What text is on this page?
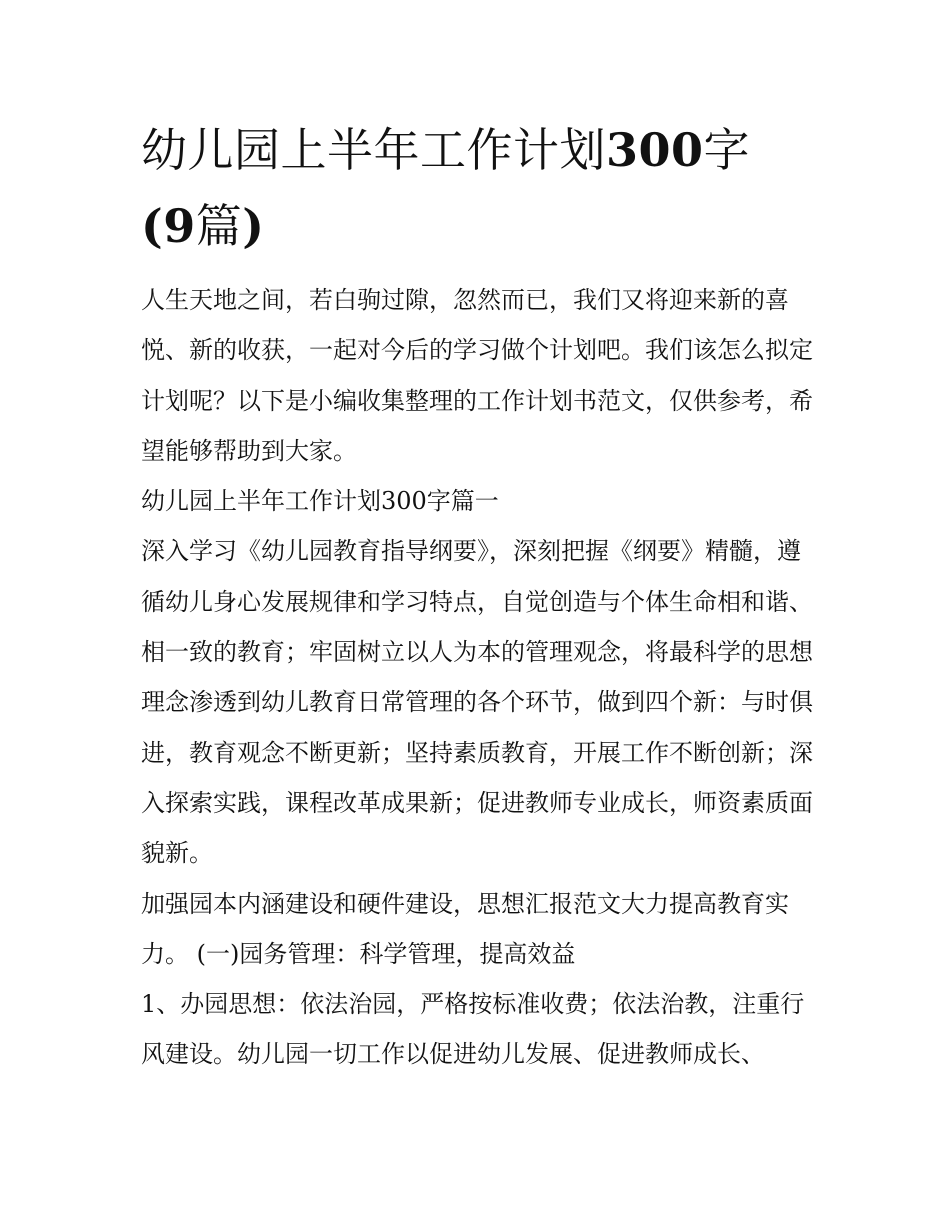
幼儿园上半年工作计划300字
(9篇)

人生天地之间，若白驹过隙，忽然而已，我们又将迎来新的喜悦、新的收获，一起对今后的学习做个计划吧。我们该怎么拟定计划呢？以下是小编收集整理的工作计划书范文，仅供参考，希望能够帮助到大家。

幼儿园上半年工作计划300字篇一

深入学习《幼儿园教育指导纲要》，深刻把握《纲要》精髓，遵循幼儿身心发展规律和学习特点，自觉创造与个体生命相和谐、相一致的教育；牢固树立以人为本的管理观念，将最科学的思想理念渗透到幼儿教育日常管理的各个环节，做到四个新：与时俱进，教育观念不断更新；坚持素质教育，开展工作不断创新；深入探索实践，课程改革成果新；促进教师专业成长，师资素质面貌新。

加强园本内涵建设和硬件建设，思想汇报范文大力提高教育实力。 (一)园务管理：科学管理，提高效益

1、办园思想：依法治园，严格按标准收费；依法治教，注重行风建设。幼儿园一切工作以促进幼儿发展、促进教师成长、
